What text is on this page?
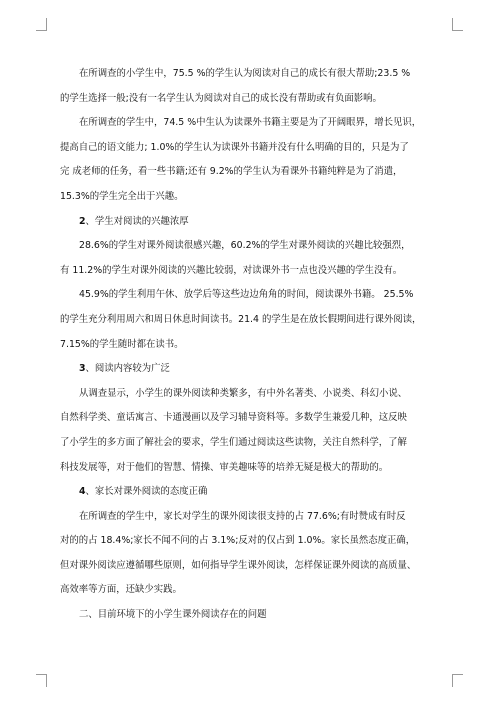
在所调查的小学生中，75.5 %的学生认为阅读对自己的成长有很大帮助;23.5 %
的学生选择一般;没有一名学生认为阅读对自己的成长没有帮助或有负面影响。
在所调查的学生中，74.5 %中生认为读课外书籍主要是为了开阔眼界，增长见识，
提高自己的语文能力; 1.0%的学生认为读课外书籍并没有什么明确的目的，只是为了
完 成老师的任务，看一些书籍;还有 9.2%的学生认为看课外书籍纯粹是为了消遣，
15.3%的学生完全出于兴趣。
2、学生对阅读的兴趣浓厚
28.6%的学生对课外阅读很感兴趣，60.2%的学生对课外阅读的兴趣比较强烈，
有 11.2%的学生对课外阅读的兴趣比较弱，对读课外书一点也没兴趣的学生没有。
45.9%的学生利用午休、放学后等这些边边角角的时间，阅读课外书籍。 25.5%
的学生充分利用周六和周日休息时间读书。21.4 的学生是在放长假期间进行课外阅读，
7.15%的学生随时都在读书。
3、阅读内容较为广泛
从调查显示，小学生的课外阅读种类繁多，有中外名著类、小说类、科幻小说、
自然科学类、童话寓言、卡通漫画以及学习辅导资料等。多数学生兼爱几种，这反映
了小学生的多方面了解社会的要求，学生们通过阅读这些读物，关注自然科学，了解
科技发展等，对于他们的智慧、情操、审美趣味等的培养无疑是极大的帮助的。
4、家长对课外阅读的态度正确
在所调查的学生中，家长对学生的课外阅读很支持的占 77.6%;有时赞成有时反
对的的占 18.4%;家长不闻不问的占 3.1%;反对的仅占到 1.0%。家长虽然态度正确，
但对课外阅读应遵循哪些原则，如何指导学生课外阅读，怎样保证课外阅读的高质量、
高效率等方面，还缺少实践。
二、目前环境下的小学生课外阅读存在的问题
